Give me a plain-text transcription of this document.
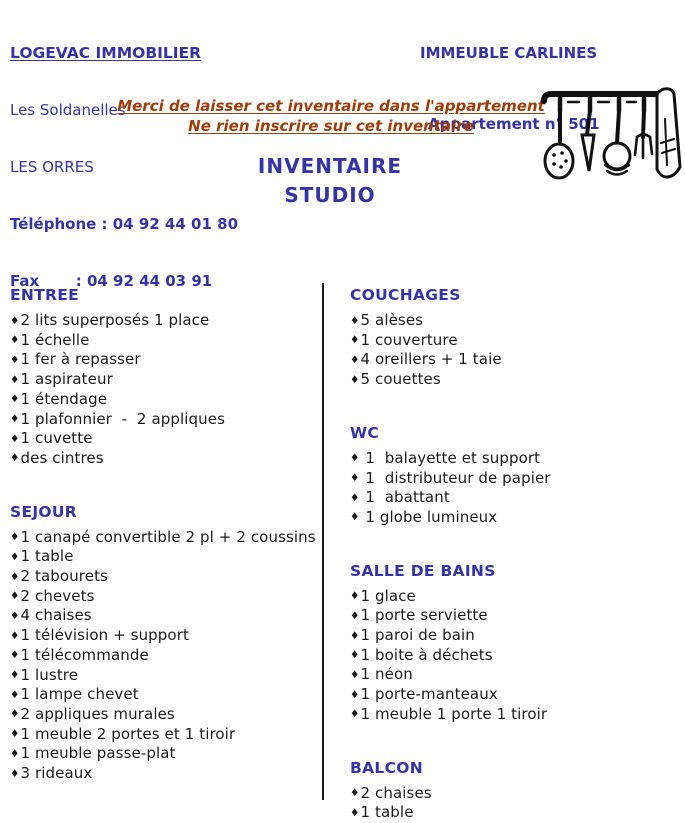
LOGEVAC IMMOBILIER

Les Soldanelles

LES ORRES

Téléphone : 04 92 44 01 80

Fax       : 04 92 44 03 91

IMMEUBLE CARLINES

Appartement n° 501

Merci de laisser cet inventaire dans l'appartement
Ne rien inscrire sur cet inventaire
INVENTAIRE
STUDIO
ENTREE
♦2 lits superposés 1 place
♦1 échelle
♦1 fer à repasser
♦1 aspirateur
♦1 étendage
♦1 plafonnier  -  2 appliques
♦1 cuvette
♦des cintres
SEJOUR
♦1 canapé convertible 2 pl + 2 coussins
♦1 table
♦2 tabourets
♦2 chevets
♦4 chaises
♦1 télévision + support
♦1 télécommande
♦1 lustre
♦1 lampe chevet
♦2 appliques murales
♦1 meuble 2 portes et 1 tiroir
♦1 meuble passe-plat
♦3 rideaux
COUCHAGES
♦5 alèses
♦1 couverture
♦4 oreillers + 1 taie
♦5 couettes
WC
♦ 1  balayette et support
♦ 1  distributeur de papier
♦ 1  abattant
♦ 1 globe lumineux
SALLE DE BAINS
♦1 glace
♦1 porte serviette
♦1 paroi de bain
♦1 boite à déchets
♦1 néon
♦1 porte-manteaux
♦1 meuble 1 porte 1 tiroir
BALCON
♦2 chaises
♦1 table
